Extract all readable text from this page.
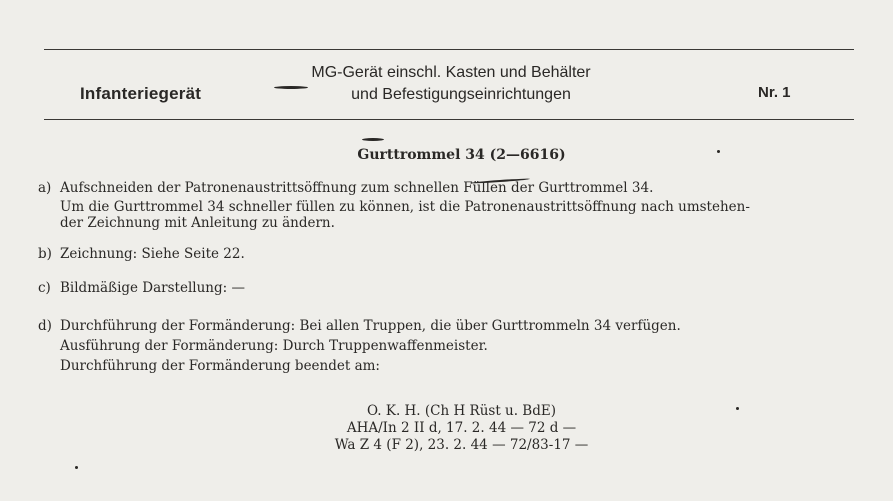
Infanteriegerät
MG-Gerät einschl. Kasten und Behälter
und Befestigungseinrichtungen	Nr. 1
Gurttrommel 34 (2—6616)
a) Aufschneiden der Patronenaustrittsöffnung zum schnellen Füllen der Gurttrommel 34.
Um die Gurttrommel 34 schneller füllen zu können, ist die Patronenaustrittsöffnung nach umstehen-
der Zeichnung mit Anleitung zu ändern.
b) Zeichnung: Siehe Seite 22.
c) Bildmäßige Darstellung: —
d) Durchführung der Formänderung: Bei allen Truppen, die über Gurttrommeln 34 verfügen.
Ausführung der Formänderung: Durch Truppenwaffenmeister.
Durchführung der Formänderung beendet am:
O. K. H. (Ch H Rüst u. BdE)
AHA/In 2 II d, 17. 2. 44 — 72 d —
Wa Z 4 (F 2), 23. 2. 44 — 72/83-17 —
